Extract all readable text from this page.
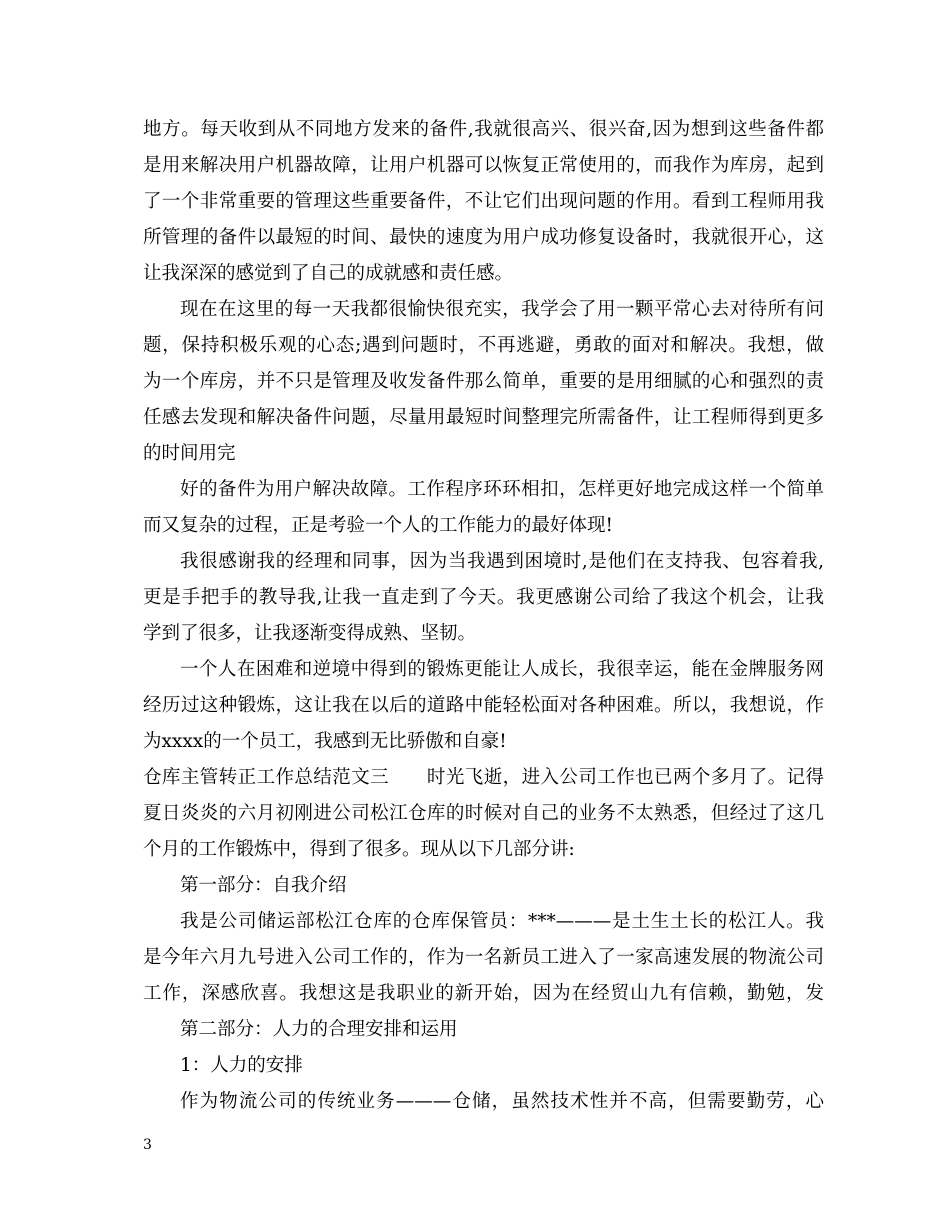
地方。每天收到从不同地方发来的备件,我就很高兴、很兴奋,因为想到这些备件都
是用来解决用户机器故障，让用户机器可以恢复正常使用的，而我作为库房，起到
了一个非常重要的管理这些重要备件，不让它们出现问题的作用。看到工程师用我
所管理的备件以最短的时间、最快的速度为用户成功修复设备时，我就很开心，这
让我深深的感觉到了自己的成就感和责任感。
现在在这里的每一天我都很愉快很充实，我学会了用一颗平常心去对待所有问
题，保持积极乐观的心态;遇到问题时，不再逃避，勇敢的面对和解决。我想，做
为一个库房，并不只是管理及收发备件那么简单，重要的是用细腻的心和强烈的责
任感去发现和解决备件问题，尽量用最短时间整理完所需备件，让工程师得到更多
的时间用完
好的备件为用户解决故障。工作程序环环相扣，怎样更好地完成这样一个简单
而又复杂的过程，正是考验一个人的工作能力的最好体现!
我很感谢我的经理和同事，因为当我遇到困境时,是他们在支持我、包容着我,
更是手把手的教导我,让我一直走到了今天。我更感谢公司给了我这个机会，让我
学到了很多，让我逐渐变得成熟、坚韧。
一个人在困难和逆境中得到的锻炼更能让人成长，我很幸运，能在金牌服务网
经历过这种锻炼，这让我在以后的道路中能轻松面对各种困难。所以，我想说，作
为xxxx的一个员工，我感到无比骄傲和自豪!
仓库主管转正工作总结范文三　　时光飞逝，进入公司工作也已两个多月了。记得
夏日炎炎的六月初刚进公司松江仓库的时候对自己的业务不太熟悉，但经过了这几
个月的工作锻炼中，得到了很多。现从以下几部分讲:
第一部分：自我介绍
我是公司储运部松江仓库的仓库保管员：***———是土生土长的松江人。我
是今年六月九号进入公司工作的，作为一名新员工进入了一家高速发展的物流公司
工作，深感欣喜。我想这是我职业的新开始，因为在经贸山九有信赖，勤勉，发
第二部分：人力的合理安排和运用
1：人力的安排
作为物流公司的传统业务———仓储，虽然技术性并不高，但需要勤劳，心
3
